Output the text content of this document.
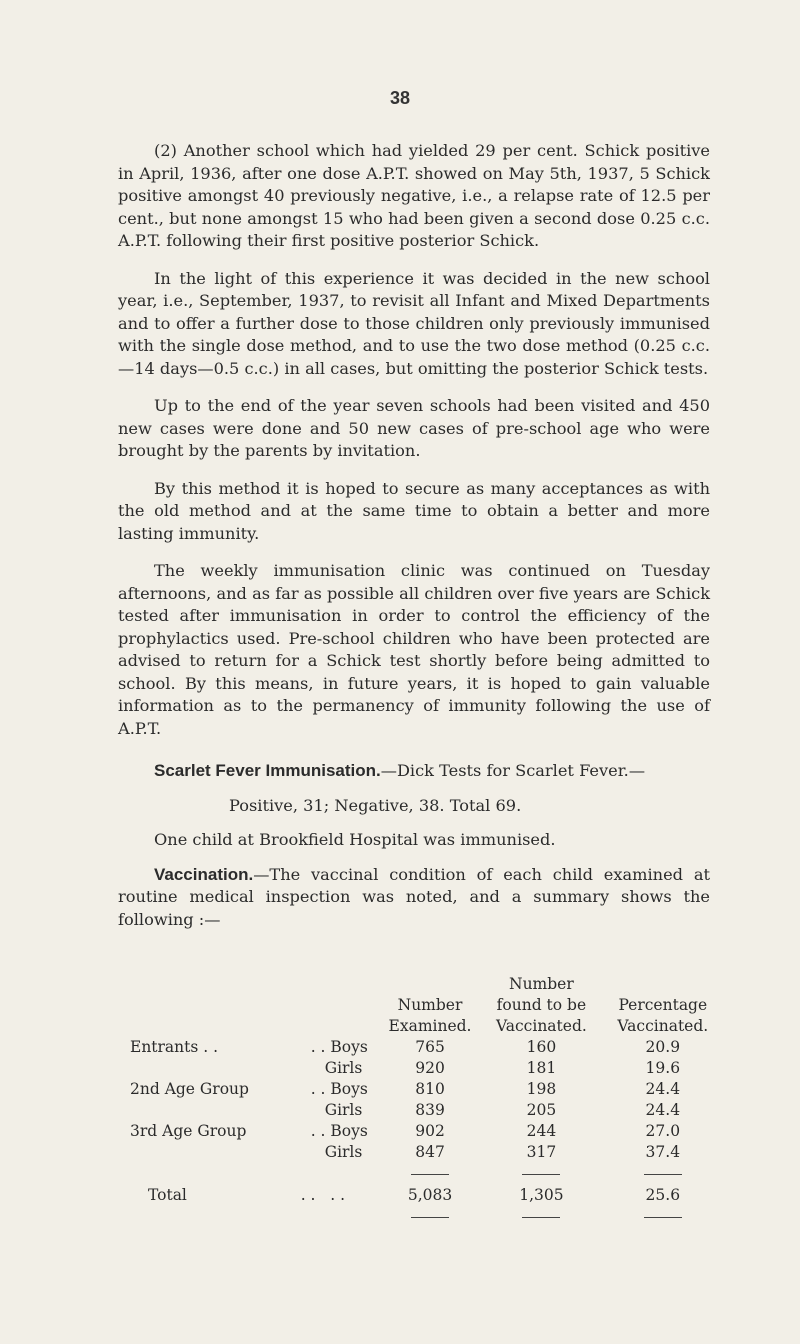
38

(2) Another school which had yielded 29 per cent. Schick positive in April, 1936, after one dose A.P.T. showed on May 5th, 1937, 5 Schick positive amongst 40 previously negative, i.e., a relapse rate of 12.5 per cent., but none amongst 15 who had been given a second dose 0.25 c.c. A.P.T. following their first positive posterior Schick.

In the light of this experience it was decided in the new school year, i.e., September, 1937, to revisit all Infant and Mixed Departments and to offer a further dose to those children only previously immunised with the single dose method, and to use the two dose method (0.25 c.c.—14 days—0.5 c.c.) in all cases, but omitting the posterior Schick tests.

Up to the end of the year seven schools had been visited and 450 new cases were done and 50 new cases of pre-school age who were brought by the parents by invitation.

By this method it is hoped to secure as many acceptances as with the old method and at the same time to obtain a better and more lasting immunity.

The weekly immunisation clinic was continued on Tuesday afternoons, and as far as possible all children over five years are Schick tested after immunisation in order to control the efficiency of the prophylactics used. Pre-school children who have been protected are advised to return for a Schick test shortly before being admitted to school. By this means, in future years, it is hoped to gain valuable information as to the permanency of immunity following the use of A.P.T.

Scarlet Fever Immunisation.—Dick Tests for Scarlet Fever.—

Positive, 31; Negative, 38. Total 69.

One child at Brookfield Hospital was immunised.

Vaccination.—The vaccinal condition of each child examined at routine medical inspection was noted, and a summary shows the following :—

			Number	
		Number	found to be	Percentage
		Examined.	Vaccinated.	Vaccinated.
Entrants . .	. . Boys	765	160	20.9
	Girls	920	181	19.6
2nd Age Group	. . Boys	810	198	24.4
	Girls	839	205	24.4
3rd Age Group	. . Boys	902	244	27.0
	Girls	847	317	37.4

Total	. .   . .	5,083	1,305	25.6
